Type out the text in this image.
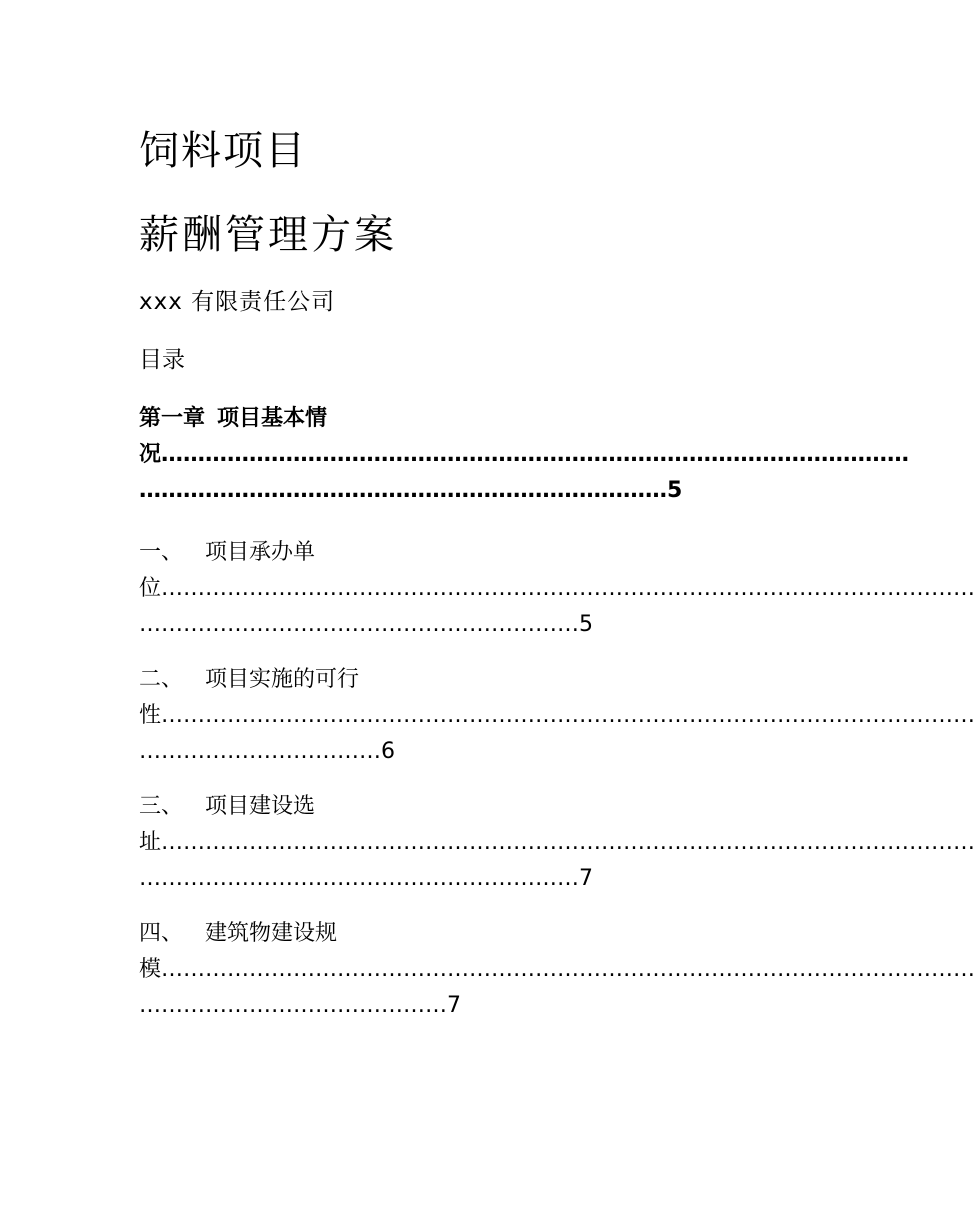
饲料项目
薪酬管理方案
xxx 有限责任公司
目录
第一章 项目基本情
况…………………………………………………………………………………………
………………………………………………………………5
一、 项目承办单
位…………………………………………………………………………………………………
……………………………………………………5
二、 项目实施的可行
性…………………………………………………………………………………………………
……………………………6
三、 项目建设选
址…………………………………………………………………………………………………
……………………………………………………7
四、 建筑物建设规
模…………………………………………………………………………………………………
……………………………………7
